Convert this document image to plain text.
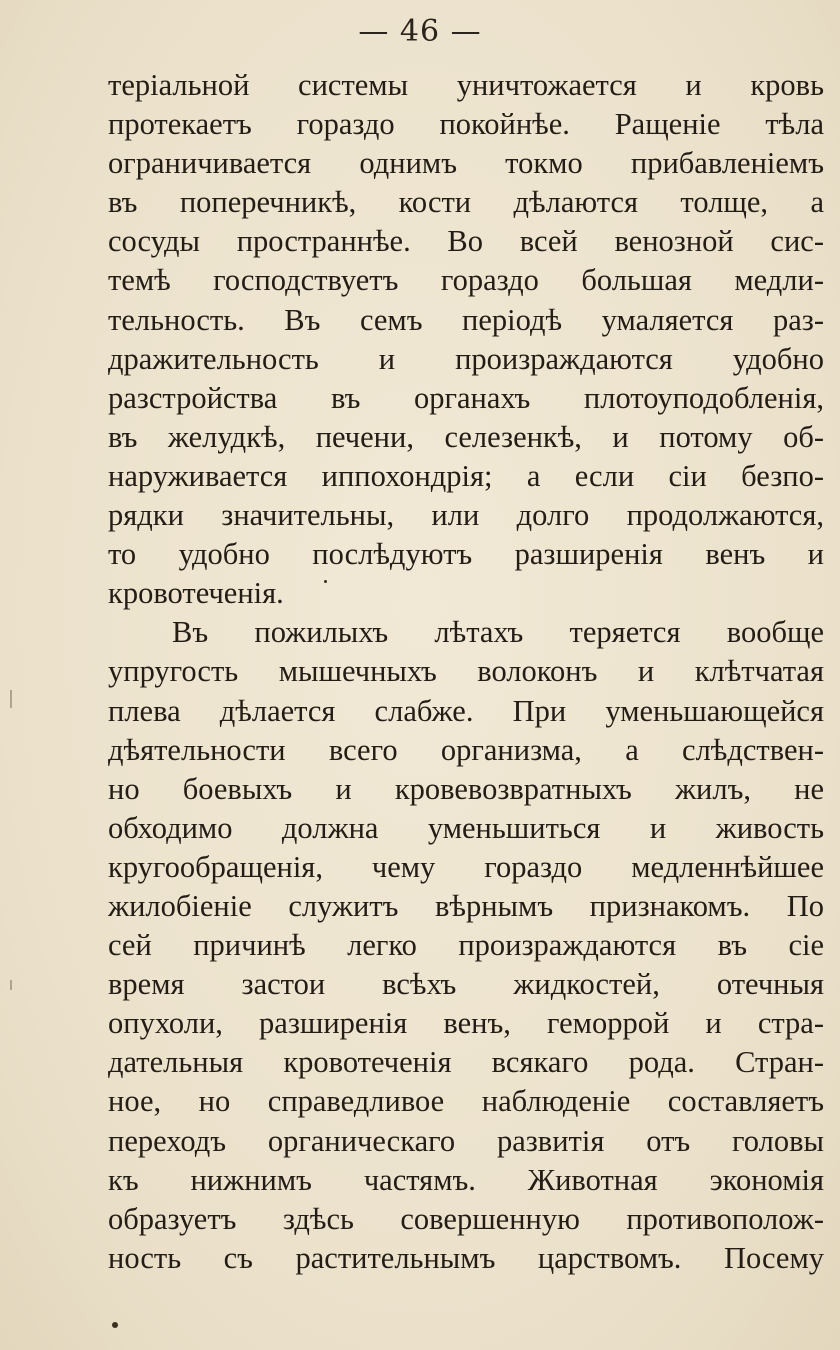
— 46 —
теріальной системы уничтожается и кровь
протекаетъ гораздо покойнѣе. Ращеніе тѣла
ограничивается однимъ токмо прибавленіемъ
въ поперечникѣ, кости дѣлаются толще, а
сосуды пространнѣе. Во всей венозной сис-
темѣ господствуетъ гораздо большая медли-
тельность. Въ семъ періодѣ умаляется раз-
дражительность и произраждаются удобно
разстройства въ органахъ плотоуподобленія,
въ желудкѣ, печени, селезенкѣ, и потому об-
наруживается иппохондрія; а если сіи безпо-
рядки значительны, или долго продолжаются,
то удобно послѣдуютъ разширенія венъ и
кровотеченія.
Въ пожилыхъ лѣтахъ теряется вообще
упругость мышечныхъ волоконъ и клѣтчатая
плева дѣлается слабже. При уменьшающейся
дѣятельности всего организма, а слѣдствен-
но боевыхъ и кровевозвратныхъ жилъ, не
обходимо должна уменьшиться и живость
кругообращенія, чему гораздо медленнѣйшее
жилобіеніе служитъ вѣрнымъ признакомъ. По
сей причинѣ легко произраждаются въ сіе
время застои всѣхъ жидкостей, отечныя
опухоли, разширенія венъ, геморрой и стра-
дательныя кровотеченія всякаго рода. Стран-
ное, но справедливое наблюденіе составляетъ
переходъ органическаго развитія отъ головы
къ нижнимъ частямъ. Животная экономія
образуетъ здѣсь совершенную противополож-
ность съ растительнымъ царствомъ. Посему
